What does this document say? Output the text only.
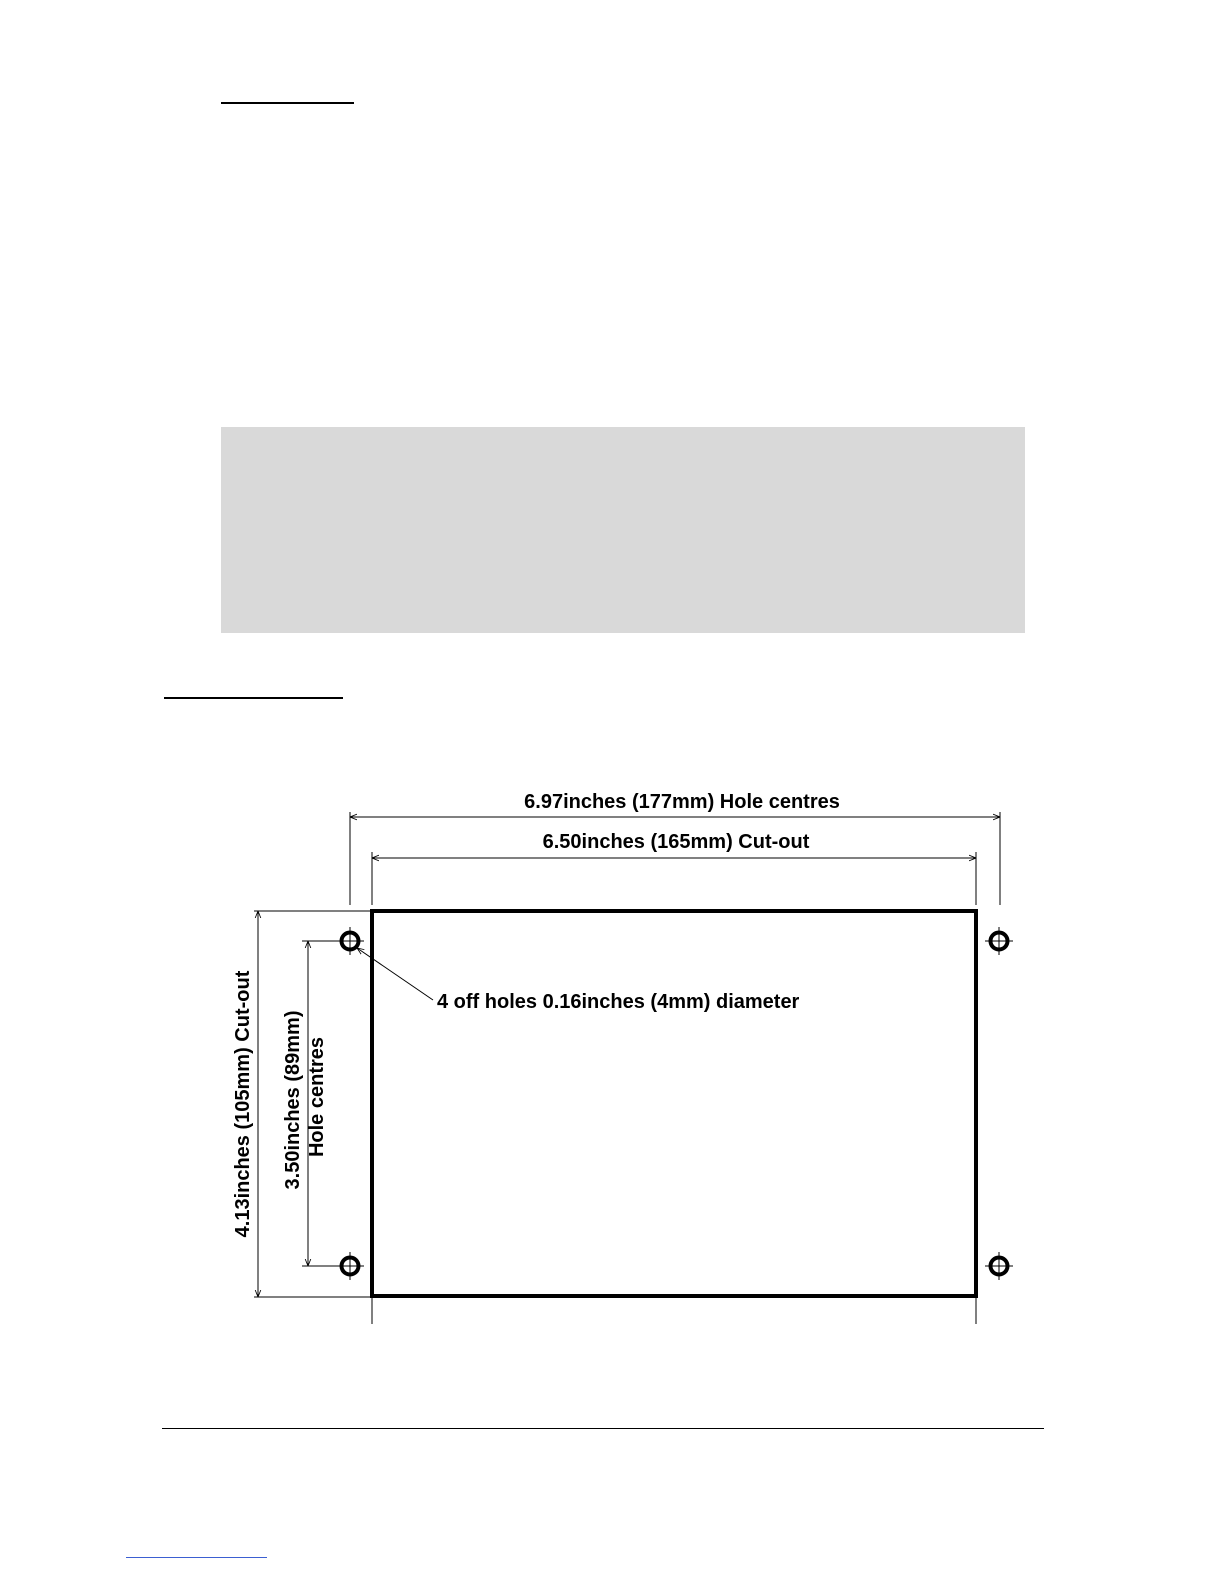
6.97inches (177mm) Hole centres
6.50inches (165mm) Cut-out
4.13inches (105mm) Cut-out 3.50inches (89mm) Hole centres
4 off holes 0.16inches (4mm) diameter
